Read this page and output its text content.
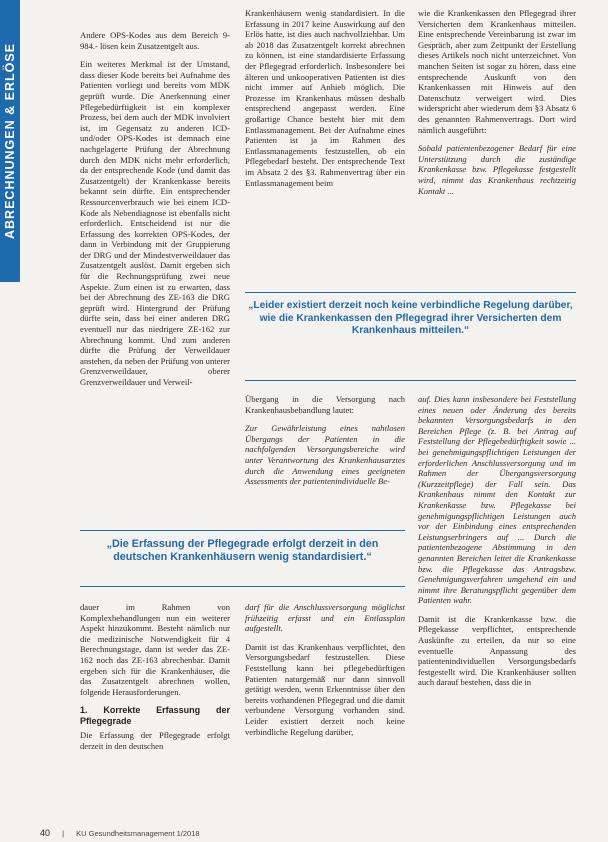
ABRECHNUNGEN & ERLÖSE

Andere OPS-Kodes aus dem Bereich 9-984.- lösen kein Zusatzentgelt aus.

Ein weiteres Merkmal ist der Umstand, dass dieser Kode bereits bei Aufnahme des Patienten vorliegt und bereits vom MDK geprüft wurde. Die Anerkennung einer Pflegebedürftigkeit ist ein komplexer Prozess, bei dem auch der MDK involviert ist, im Gegensatz zu anderen ICD- und/oder OPS-Kodes ist demnach eine nachgelagerte Prüfung der Abrechnung durch den MDK nicht mehr erforderlich, da der entsprechende Kode (und damit das Zusatzentgelt) der Krankenkasse bereits bekannt sein dürfte. Ein entsprechender Ressourcenverbrauch wie bei einem ICD-Kode als Nebendiagnose ist ebenfalls nicht erforderlich. Entscheidend ist nur die Erfassung des korrekten OPS-Kodes, der dann in Verbindung mit der Gruppierung der DRG und der Mindestverweildauer das Zusatzentgelt auslöst. Damit ergeben sich für die Rechnungsprüfung zwei neue Aspekte. Zum einen ist zu erwarten, dass bei der Abrechnung des ZE-163 die DRG geprüft wird. Hintergrund der Prüfung dürfte sein, dass bei einer anderen DRG eventuell nur das niedrigere ZE-162 zur Abrechnung kommt. Und zum anderen dürfte die Prüfung der Verweildauer anstehen, da neben der Prüfung von unterer Grenzverweildauer, oberer Grenzverweildauer und Verweil-

Krankenhäusern wenig standardisiert. In die Erfassung in 2017 keine Auswirkung auf den Erlös hatte, ist dies auch nachvollziehbar. Um ab 2018 das Zusatzentgelt korrekt abrechnen zu können, ist eine standardisierte Erfassung der Pflegegrad erforderlich. Insbesondere bei älteren und unkooperativen Patienten ist dies nicht immer auf Anhieb möglich. Die Prozesse im Krankenhaus müssen deshalb entsprechend angepasst werden. Eine großartige Chance besteht hier mit dem Entlassmanagement. Bei der Aufnahme eines Patienten ist ja im Rahmen des Entlassmanagements festzustellen, ob ein Pflegebedarf besteht. Der entsprechende Text im Absatz 2 des §3. Rahmenvertrag über ein Entlassmanagement beim

wie die Krankenkassen den Pflegegrad ihrer Versicherten dem Krankenhaus mitteilen. Eine entsprechende Vereinbarung ist zwar im Gespräch, aber zum Zeitpunkt der Erstellung dieses Artikels noch nicht unterzeichnet. Von manchen Seiten ist sogar zu hören, dass eine entsprechende Auskunft von den Krankenkassen mit Hinweis auf den Datenschutz verweigert wird. Dies widerspricht aber wiederum dem §3 Absatz 6 des genannten Rahmenvertrags. Dort wird nämlich ausgeführt:

Sobald patientenbezogener Bedarf für eine Unterstützung durch die zuständige Krankenkasse bzw. Pflegekasse festgestellt wird, nimmt das Krankenhaus rechtzeitig Kontakt ...

„Leider existiert derzeit noch keine verbindliche Regelung darüber, wie die Krankenkassen den Pflegegrad ihrer Versicherten dem Krankenhaus mitteilen.“

Übergang in die Versorgung nach Krankenhausbehandlung lautet:

Zur Gewährleistung eines nahtlosen Übergangs der Patienten in die nachfolgenden Versorgungsbereiche wird unter Verantwortung des Krankenhausarztes durch die Anwendung eines geeigneten Assessments der patientenindividuelle Be-

auf. Dies kann insbesondere bei Feststellung eines neuen oder Änderung des bereits bekannten Versorgungsbedarfs in den Bereichen Pflege (z. B. bei Antrag auf Feststellung der Pflegebedürftigkeit sowie ... bei genehmigungspflichtigen Leistungen der erforderlichen Anschlussversorgung und im Rahmen der Übergangsversorgung (Kurzzeitpflege) der Fall sein. Das Krankenhaus nimmt den Kontakt zur Krankenkasse bzw. Pflegekasse bei genehmigungspflichtigen Leistungen auch vor der Einbindung eines entsprechenden Leistungserbringers auf ... Durch die patientenbezogene Abstimmung in den genannten Bereichen leitet die Krankenkasse bzw. die Pflegekasse das Antragsbzw. Genehmigungsverfahren umgehend ein und nimmt ihre Beratungspflicht gegenüber dem Patienten wahr.

Damit ist die Krankenkasse bzw. die Pflegekasse verpflichtet, entsprechende Auskünfte zu erteilen, da nur so eine eventuelle Anpassung des patientenindividuellen Versorgungsbedarfs festgestellt wird. Die Krankenhäuser sollten auch darauf bestehen, dass die in

„Die Erfassung der Pflegegrade erfolgt derzeit in den deutschen Krankenhäusern wenig standardisiert.“

dauer im Rahmen von Komplexbehandlungen nun ein weiterer Aspekt hinzukommt. Besteht nämlich nur die medizinische Notwendigkeit für 4 Berechnungstage, dann ist weder das ZE-162 noch das ZE-163 abrechenbar. Damit ergeben sich für die Krankenhäuser, die das Zusatzentgelt abrechnen wollen, folgende Herausforderungen.

1. Korrekte Erfassung der Pflegegrade

Die Erfassung der Pflegegrade erfolgt derzeit in den deutschen

darf für die Anschlussversorgung möglichst frühzeitig erfasst und ein Entlassplan aufgestellt.

Damit ist das Krankenhaus verpflichtet, den Versorgungsbedarf festzustellen. Diese Feststellung kann bei pflegebedürftigen Patienten naturgemäß nur dann sinnvoll getätigt werden, wenn Erkenntnisse über den bereits vorhandenen Pflegegrad und die damit verbundene Versorgung vorhanden sind. Leider existiert derzeit noch keine verbindliche Regelung darüber,

40 | KU Gesundheitsmanagement 1/2018
